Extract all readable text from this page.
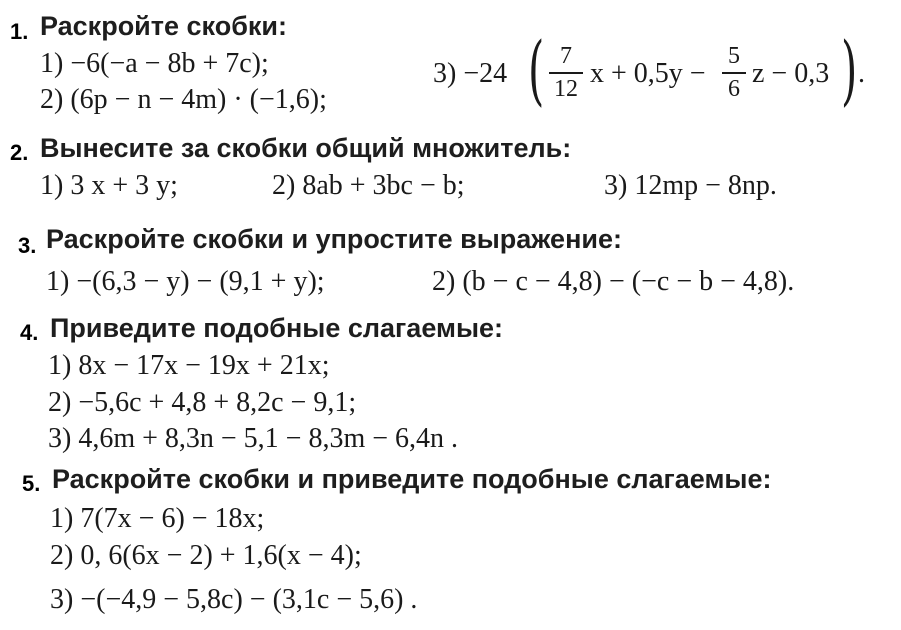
1. Раскройте скобки:
1) −6(−a − 8b + 7c);
2) (6p − n − 4m) · (−1,6);
3) −24 ( 7
12 x + 0,5y −
5
6 z − 0,3 ) .
2. Вынесите за скобки общий множитель:
1) 3 x + 3 y;	2) 8ab + 3bc − b;	3) 12mp − 8np.
3. Раскройте скобки и упростите выражение:
1) −(6,3 − y) − (9,1 + y);	2) (b − c − 4,8) − (−c − b − 4,8).
4. Приведите подобные слагаемые:
1) 8x − 17x − 19x + 21x;
2) −5,6c + 4,8 + 8,2c − 9,1;
3) 4,6m + 8,3n − 5,1 − 8,3m − 6,4n .
5. Раскройте скобки и приведите подобные слагаемые:
1) 7(7x − 6) − 18x;
2) 0, 6(6x − 2) + 1,6(x − 4);
3) −(−4,9 − 5,8c) − (3,1c − 5,6) .
